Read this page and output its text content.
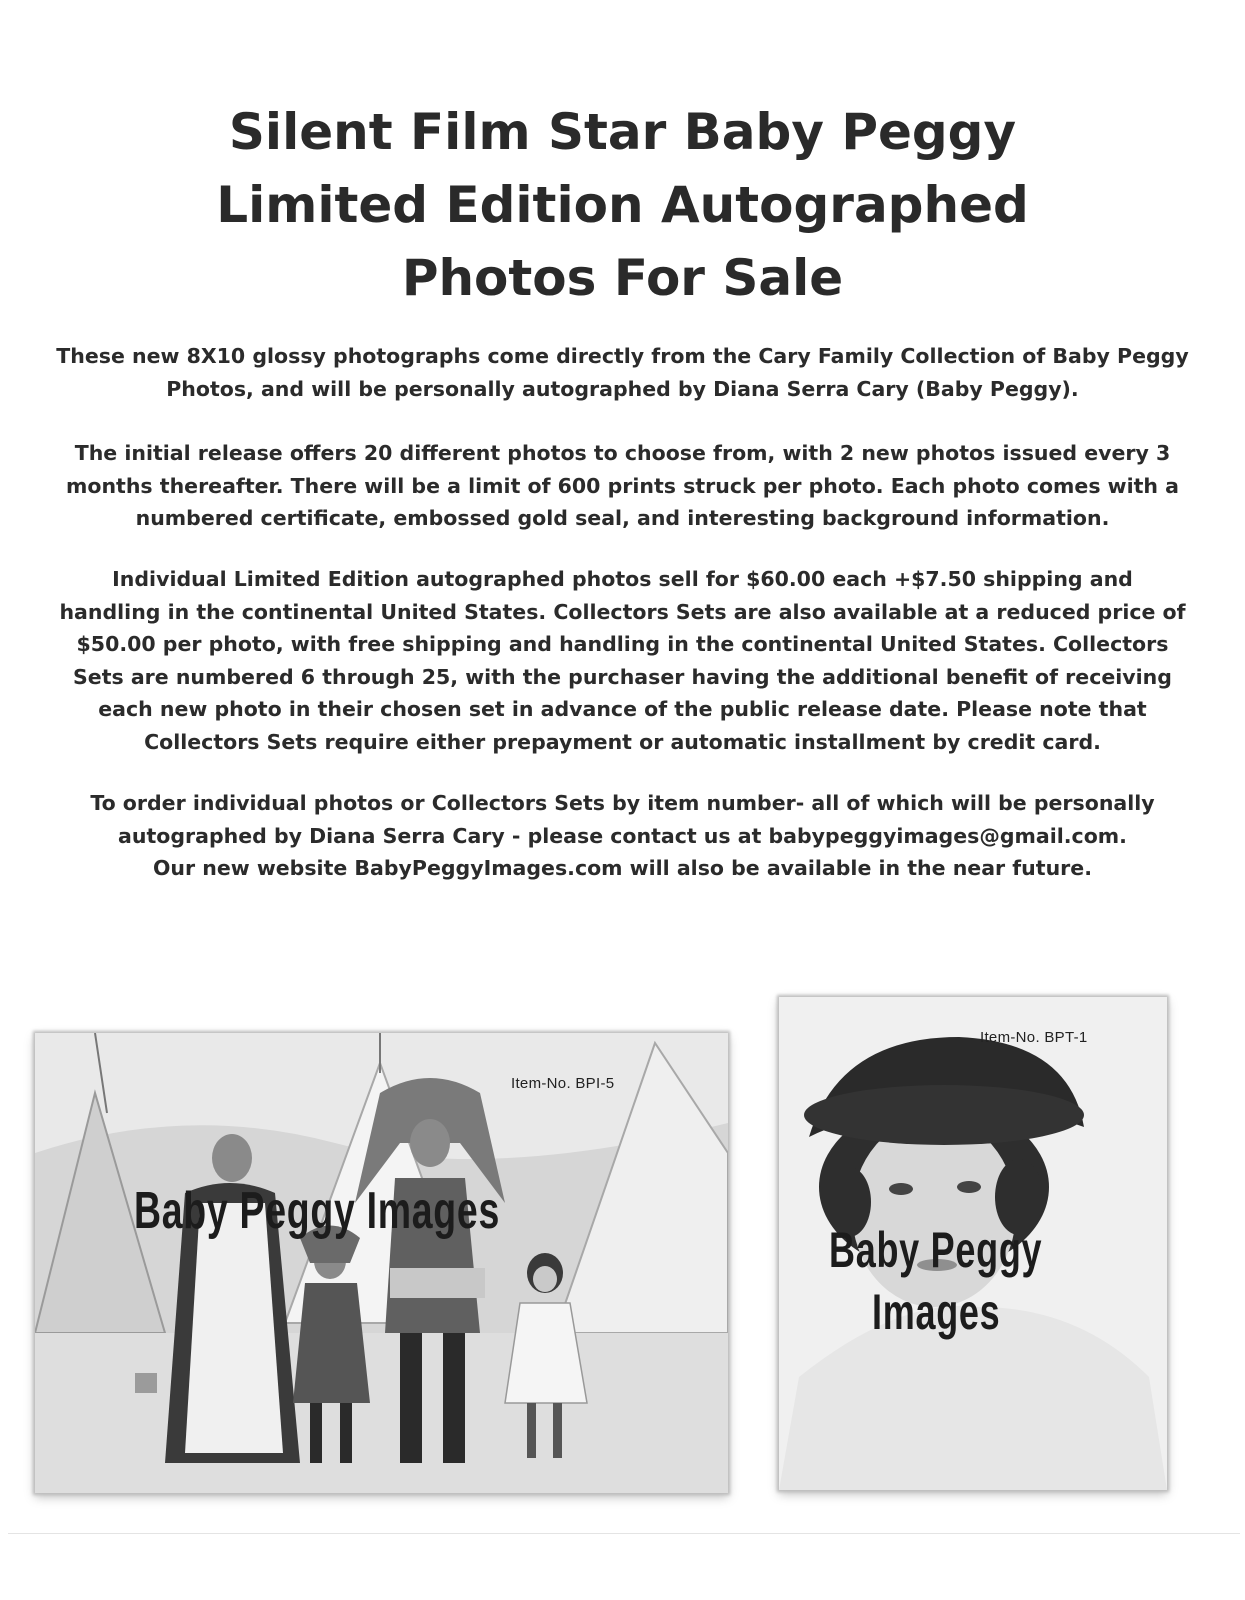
Silent Film Star Baby Peggy
Limited Edition Autographed
Photos For Sale
These new 8X10 glossy photographs come directly from the Cary Family Collection of Baby Peggy
Photos, and will be personally autographed by Diana Serra Cary (Baby Peggy).
The initial release offers 20 different photos to choose from, with 2 new photos issued every 3
months thereafter. There will be a limit of 600 prints struck per photo. Each photo comes with a
numbered certificate, embossed gold seal, and interesting background information.
Individual Limited Edition autographed photos sell for $60.00 each +$7.50 shipping and
handling in the continental United States. Collectors Sets are also available at a reduced price of
$50.00 per photo, with free shipping and handling in the continental United States. Collectors
Sets are numbered 6 through 25, with the purchaser having the additional benefit of receiving
each new photo in their chosen set in advance of the public release date. Please note that
Collectors Sets require either prepayment or automatic installment by credit card.
To order individual photos or Collectors Sets by item number- all of which will be personally
autographed by Diana Serra Cary - please contact us at babypeggyimages@gmail.com.
Our new website BabyPeggyImages.com will also be available in the near future.
Item-No. BPI-5
Baby Peggy Images
Item-No. BPT-1
Baby Peggy
Images
